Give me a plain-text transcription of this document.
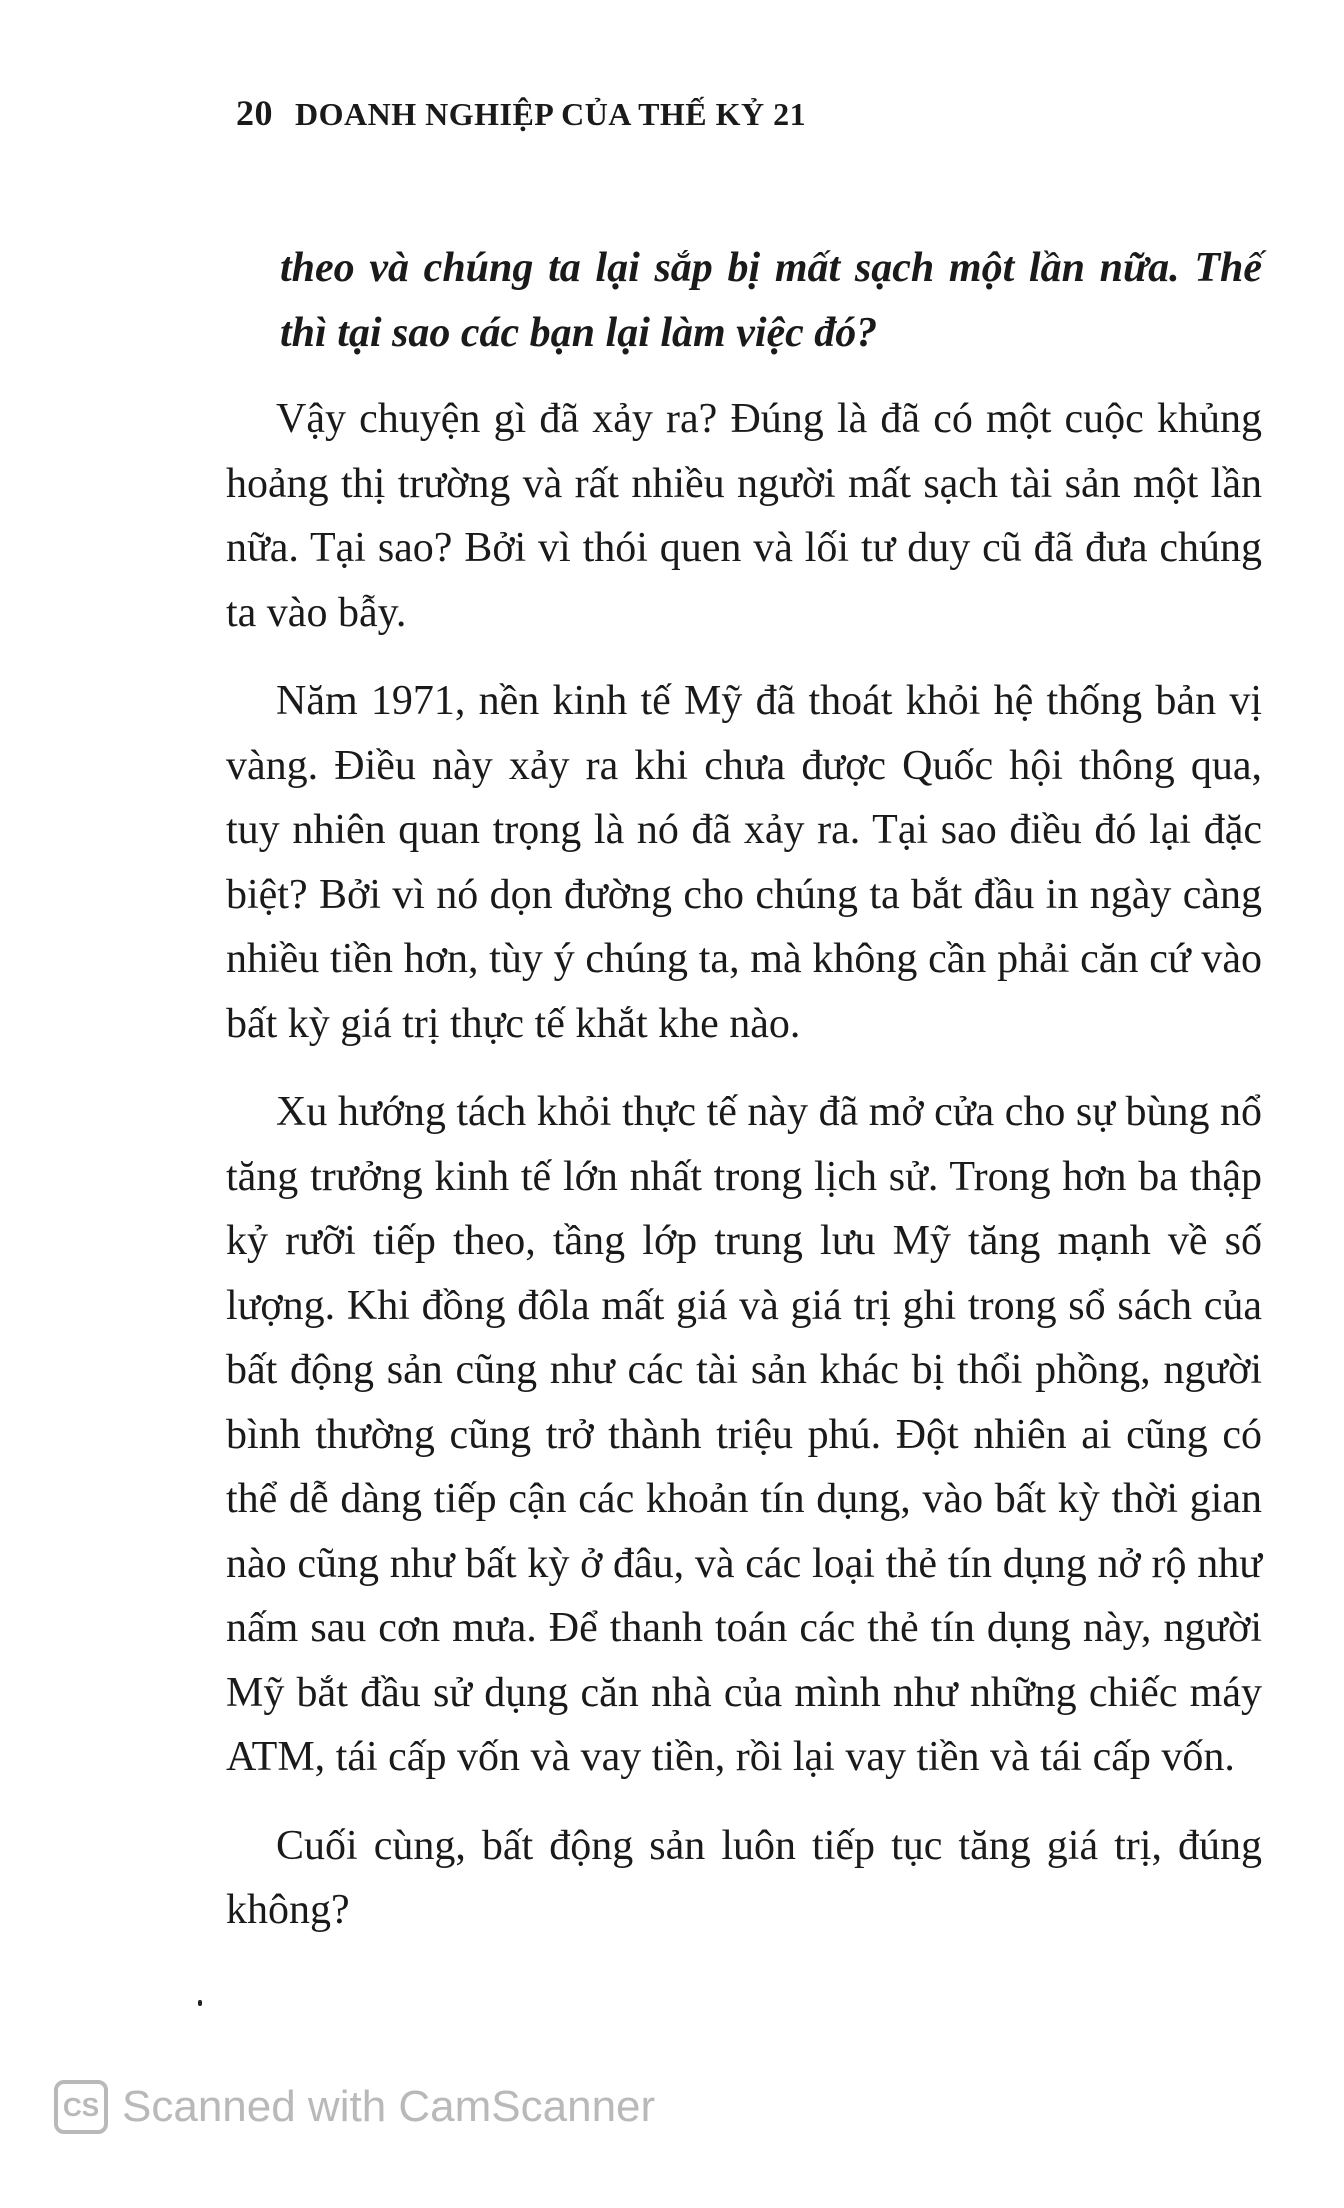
20 DOANH NGHIỆP CỦA THẾ KỶ 21

theo và chúng ta lại sắp bị mất sạch một lần nữa. Thế thì tại sao các bạn lại làm việc đó?

Vậy chuyện gì đã xảy ra? Đúng là đã có một cuộc khủng hoảng thị trường và rất nhiều người mất sạch tài sản một lần nữa. Tại sao? Bởi vì thói quen và lối tư duy cũ đã đưa chúng ta vào bẫy.

Năm 1971, nền kinh tế Mỹ đã thoát khỏi hệ thống bản vị vàng. Điều này xảy ra khi chưa được Quốc hội thông qua, tuy nhiên quan trọng là nó đã xảy ra. Tại sao điều đó lại đặc biệt? Bởi vì nó dọn đường cho chúng ta bắt đầu in ngày càng nhiều tiền hơn, tùy ý chúng ta, mà không cần phải căn cứ vào bất kỳ giá trị thực tế khắt khe nào.

Xu hướng tách khỏi thực tế này đã mở cửa cho sự bùng nổ tăng trưởng kinh tế lớn nhất trong lịch sử. Trong hơn ba thập kỷ rưỡi tiếp theo, tầng lớp trung lưu Mỹ tăng mạnh về số lượng. Khi đồng đôla mất giá và giá trị ghi trong sổ sách của bất động sản cũng như các tài sản khác bị thổi phồng, người bình thường cũng trở thành triệu phú. Đột nhiên ai cũng có thể dễ dàng tiếp cận các khoản tín dụng, vào bất kỳ thời gian nào cũng như bất kỳ ở đâu, và các loại thẻ tín dụng nở rộ như nấm sau cơn mưa. Để thanh toán các thẻ tín dụng này, người Mỹ bắt đầu sử dụng căn nhà của mình như những chiếc máy ATM, tái cấp vốn và vay tiền, rồi lại vay tiền và tái cấp vốn.

Cuối cùng, bất động sản luôn tiếp tục tăng giá trị, đúng không?

CS Scanned with CamScanner
